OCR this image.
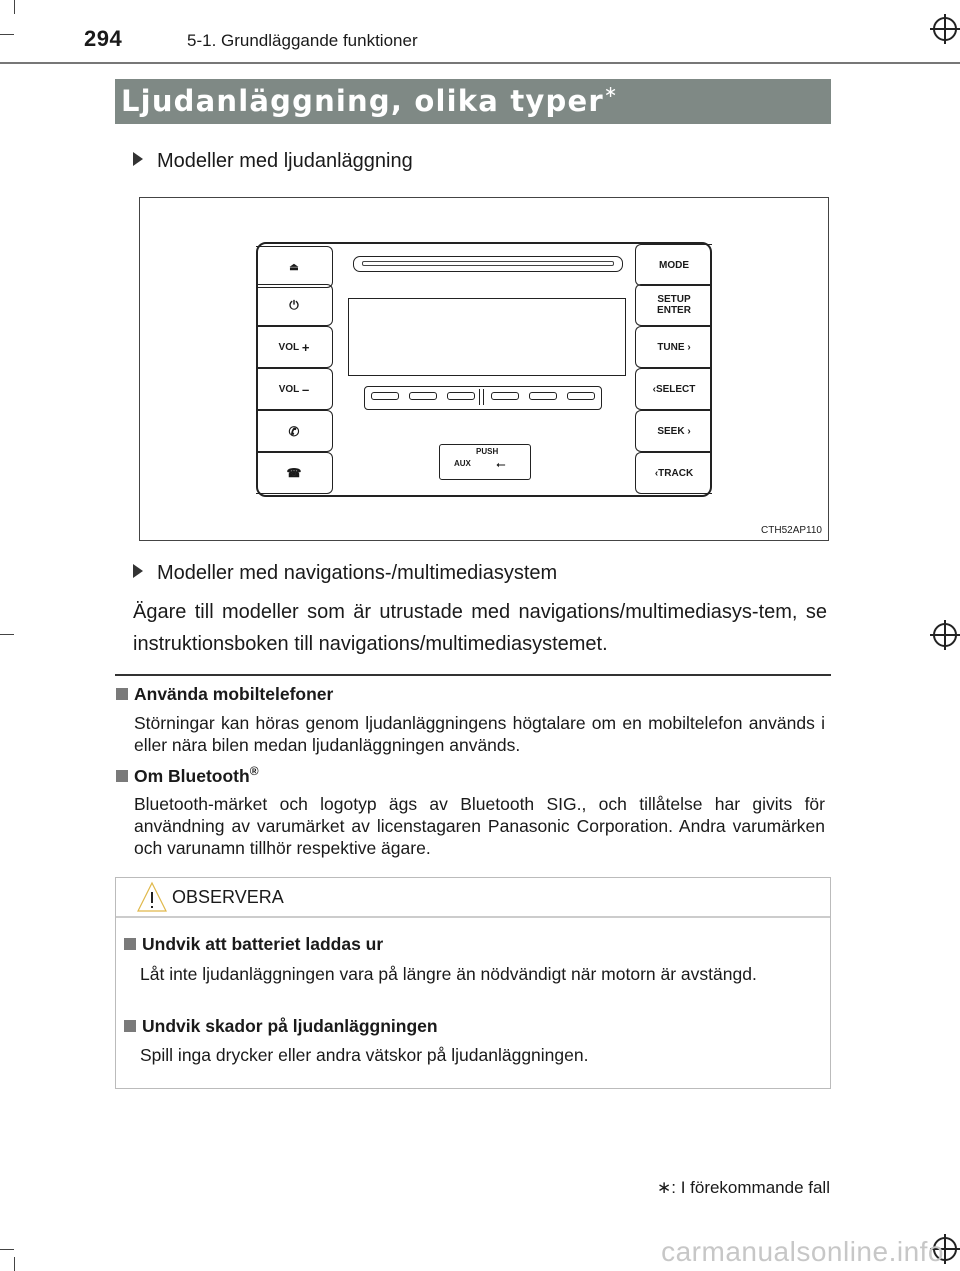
294	5-1. Grundläggande funktioner
Ljudanläggning, olika typer∗
Modeller med ljudanläggning
PUSH
AUX ⭠
⏏
⏻
VOL
+
VOL
–
✆
☎
MODE
SETUP
ENTER
TUNE
›
‹ SELECT
SEEK
›
‹ TRACK
CTH52AP110
Modeller med navigations-/multimediasystem
Ägare till modeller som är utrustade med navigations/multimediasys-tem, se instruktionsboken till navigations/multimediasystemet.
Använda mobiltelefoner
Störningar kan höras genom ljudanläggningens högtalare om en mobiltelefon används i eller nära bilen medan ljudanläggningen används.
Om Bluetooth®
Bluetooth-märket och logotyp ägs av Bluetooth SIG., och tillåtelse har givits för användning av varumärket av licenstagaren Panasonic Corporation. Andra varumärken och varunamn tillhör respektive ägare.
OBSERVERA
Undvik att batteriet laddas ur
Låt inte ljudanläggningen vara på längre än nödvändigt när motorn är avstängd.
Undvik skador på ljudanläggningen
Spill inga drycker eller andra vätskor på ljudanläggningen.
∗: I förekommande fall
carmanualsonline.info
